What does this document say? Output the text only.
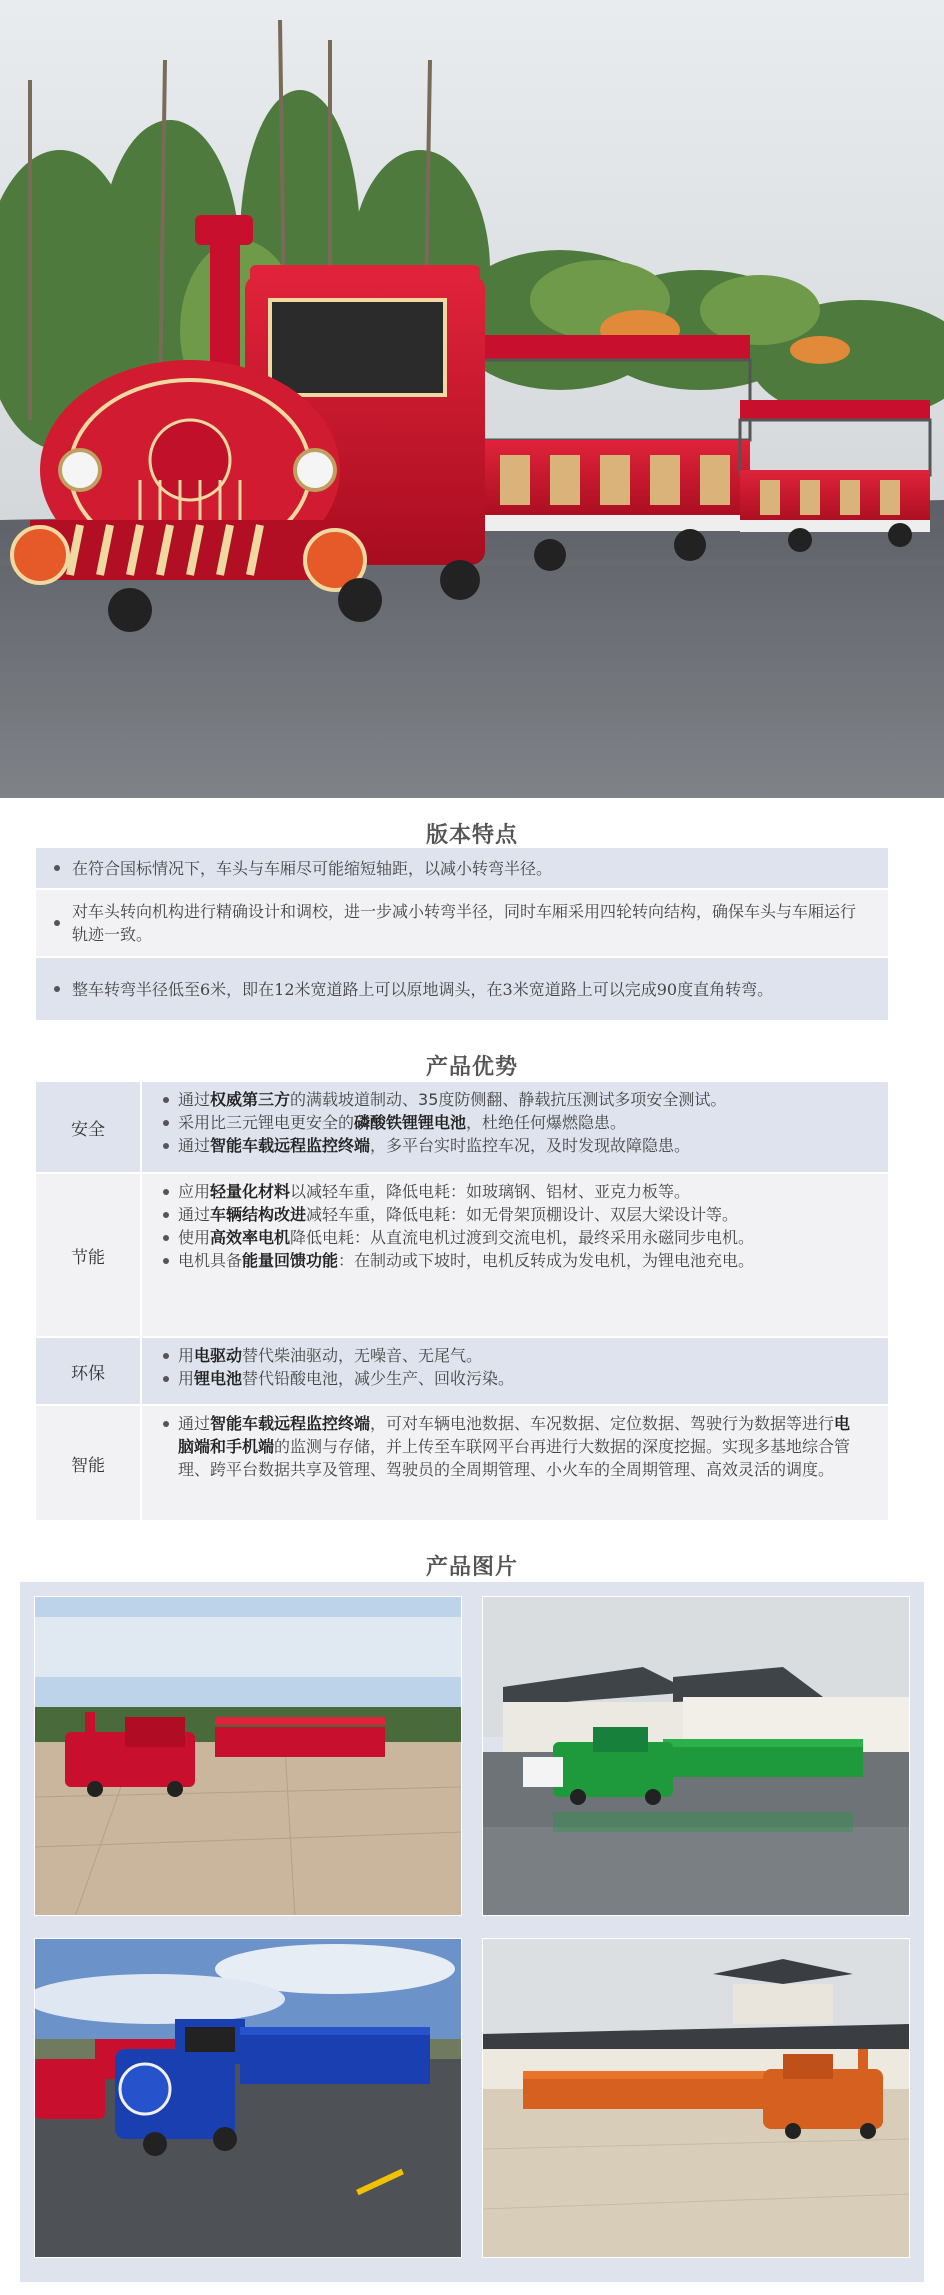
版本特点
在符合国标情况下，车头与车厢尽可能缩短轴距，以减小转弯半径。
对车头转向机构进行精确设计和调校，进一步减小转弯半径，同时车厢采用四轮转向结构，确保车头与车厢运行轨迹一致。
整车转弯半径低至6米，即在12米宽道路上可以原地调头，在3米宽道路上可以完成90度直角转弯。
产品优势
安全
通过权威第三方的满载坡道制动、35度防侧翻、静载抗压测试多项安全测试。
采用比三元锂电更安全的磷酸铁锂锂电池，杜绝任何爆燃隐患。
通过智能车载远程监控终端，多平台实时监控车况，及时发现故障隐患。
节能
应用轻量化材料以减轻车重，降低电耗：如玻璃钢、铝材、亚克力板等。
通过车辆结构改进减轻车重，降低电耗：如无骨架顶棚设计、双层大梁设计等。
使用高效率电机降低电耗：从直流电机过渡到交流电机，最终采用永磁同步电机。
电机具备能量回馈功能：在制动或下坡时，电机反转成为发电机，为锂电池充电。
环保
用电驱动替代柴油驱动，无噪音、无尾气。
用锂电池替代铅酸电池，减少生产、回收污染。
智能
通过智能车载远程监控终端，可对车辆电池数据、车况数据、定位数据、驾驶行为数据等进行电脑端和手机端的监测与存储，并上传至车联网平台再进行大数据的深度挖掘。实现多基地综合管理、跨平台数据共享及管理、驾驶员的全周期管理、小火车的全周期管理、高效灵活的调度。
产品图片
